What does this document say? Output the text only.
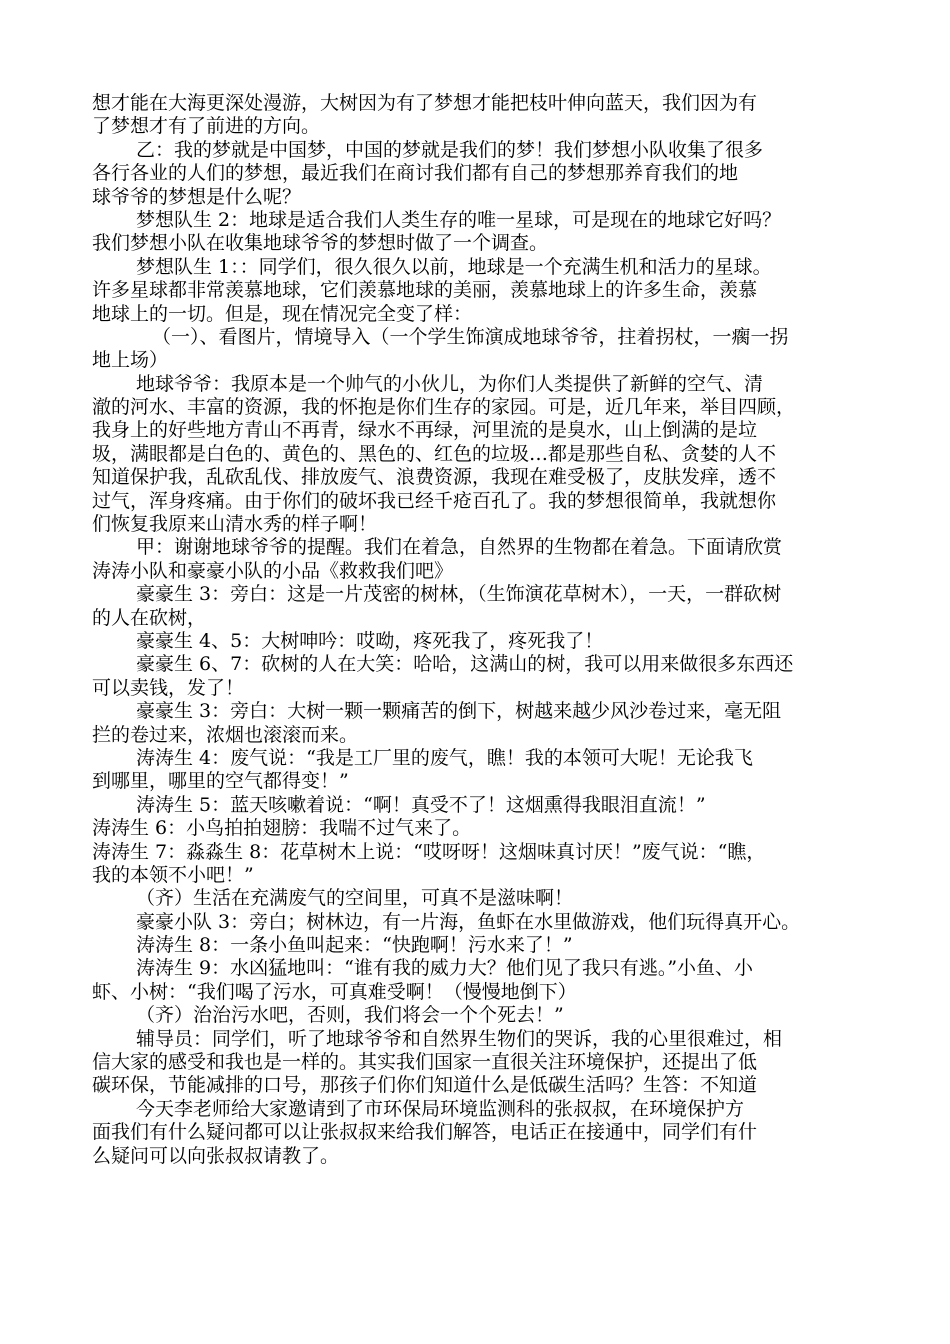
想才能在大海更深处漫游，大树因为有了梦想才能把枝叶伸向蓝天，我们因为有
了梦想才有了前进的方向。
乙：我的梦就是中国梦，中国的梦就是我们的梦！我们梦想小队收集了很多
各行各业的人们的梦想，最近我们在商讨我们都有自己的梦想那养育我们的地
球爷爷的梦想是什么呢？
梦想队生 2：地球是适合我们人类生存的唯一星球，可是现在的地球它好吗？
我们梦想小队在收集地球爷爷的梦想时做了一个调查。
梦想队生 1：：同学们，很久很久以前，地球是一个充满生机和活力的星球。
许多星球都非常羡慕地球，它们羡慕地球的美丽，羡慕地球上的许多生命，羡慕
地球上的一切。但是，现在情况完全变了样：
（一）、看图片，情境导入（一个学生饰演成地球爷爷，拄着拐杖，一瘸一拐
地上场）
地球爷爷：我原本是一个帅气的小伙儿，为你们人类提供了新鲜的空气、清
澈的河水、丰富的资源，我的怀抱是你们生存的家园。可是，近几年来，举目四顾，
我身上的好些地方青山不再青，绿水不再绿，河里流的是臭水，山上倒满的是垃
圾，满眼都是白色的、黄色的、黑色的、红色的垃圾…都是那些自私、贪婪的人不
知道保护我，乱砍乱伐、排放废气、浪费资源，我现在难受极了，皮肤发痒，透不
过气，浑身疼痛。由于你们的破坏我已经千疮百孔了。我的梦想很简单，我就想你
们恢复我原来山清水秀的样子啊！
甲：谢谢地球爷爷的提醒。我们在着急，自然界的生物都在着急。下面请欣赏
涛涛小队和豪豪小队的小品《救救我们吧》
豪豪生 3：旁白：这是一片茂密的树林，（生饰演花草树木），一天，一群砍树
的人在砍树，
豪豪生 4、5：大树呻吟：哎呦，疼死我了，疼死我了！
豪豪生 6、7：砍树的人在大笑：哈哈，这满山的树，我可以用来做很多东西还
可以卖钱，发了！
豪豪生 3：旁白：大树一颗一颗痛苦的倒下，树越来越少风沙卷过来，毫无阻
拦的卷过来，浓烟也滚滚而来。
涛涛生 4：废气说：“我是工厂里的废气，瞧！我的本领可大呢！无论我飞
到哪里，哪里的空气都得变！”
涛涛生 5：蓝天咳嗽着说：“啊！真受不了！这烟熏得我眼泪直流！”
涛涛生 6：小鸟拍拍翅膀：我喘不过气来了。
涛涛生 7：淼淼生 8：花草树木上说：“哎呀呀！这烟味真讨厌！”废气说：“瞧，
我的本领不小吧！”
（齐）生活在充满废气的空间里，可真不是滋味啊！
豪豪小队 3：旁白；树林边，有一片海，鱼虾在水里做游戏，他们玩得真开心。
涛涛生 8：一条小鱼叫起来：“快跑啊！污水来了！”
涛涛生 9：水凶猛地叫：“谁有我的威力大？他们见了我只有逃。”小鱼、小
虾、小树：“我们喝了污水，可真难受啊！（慢慢地倒下）
（齐）治治污水吧，否则，我们将会一个个死去！”
辅导员：同学们，听了地球爷爷和自然界生物们的哭诉，我的心里很难过，相
信大家的感受和我也是一样的。其实我们国家一直很关注环境保护，还提出了低
碳环保，节能减排的口号，那孩子们你们知道什么是低碳生活吗？生答：不知道
今天李老师给大家邀请到了市环保局环境监测科的张叔叔，在环境保护方
面我们有什么疑问都可以让张叔叔来给我们解答，电话正在接通中，同学们有什
么疑问可以向张叔叔请教了。
